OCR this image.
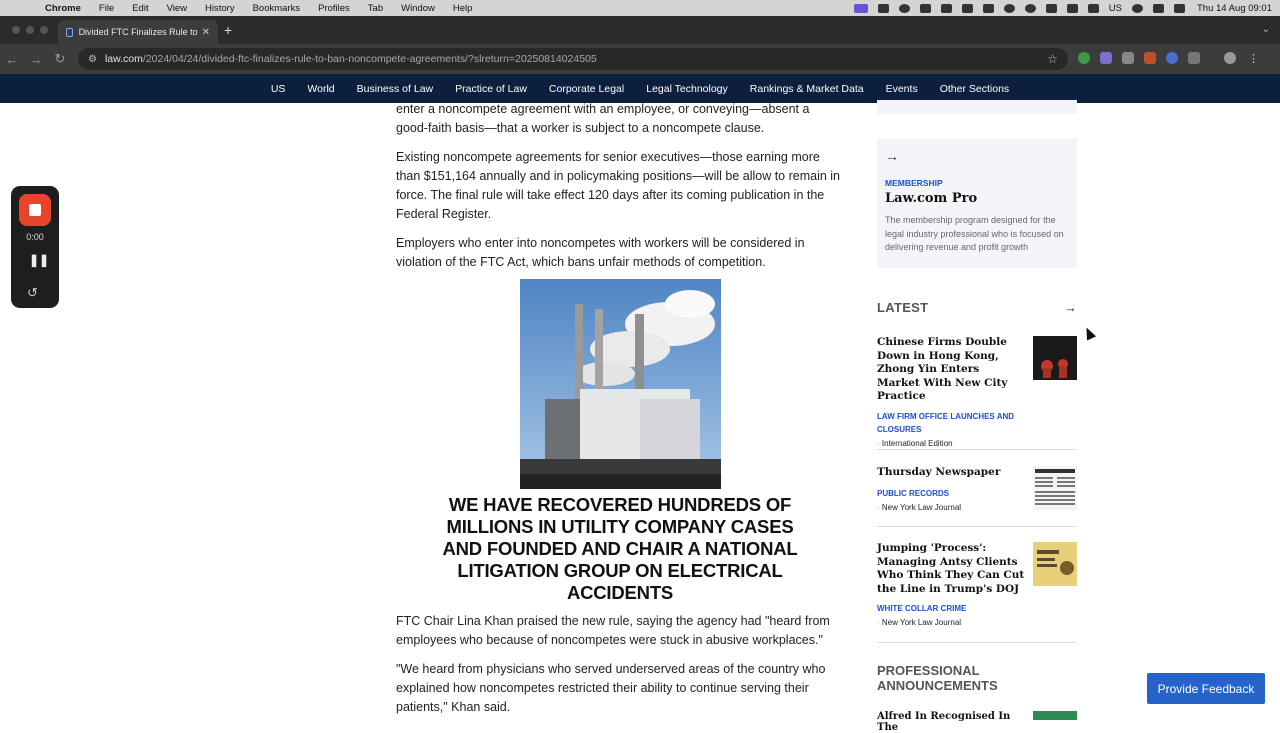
Chrome	File	Edit	View	History	Bookmarks	Profiles	Tab	Window	Help	US	Thu 14 Aug 09:01
Divided FTC Finalizes Rule to ✕ +	⌄
← → ↻	⚙ law.com/2024/04/24/divided-ftc-finalizes-rule-to-ban-noncompete-agreements/?slreturn=20250814024505	☆	⋮
US	World	Business of Law	Practice of Law	Corporate Legal	Legal Technology	Rankings & Market Data	Events	Other Sections
0:00
❚❚
↺

enter a noncompete agreement with an employee, or conveying—absent a good-faith basis—that a worker is subject to a noncompete clause.

Existing noncompete agreements for senior executives—those earning more than $151,164 annually and in policymaking positions—will be allow to remain in force. The final rule will take effect 120 days after its coming publication in the Federal Register.

Employers who enter into noncompetes with workers will be considered in violation of the FTC Act, which bans unfair methods of competition.

WE HAVE RECOVERED HUNDREDS OF MILLIONS IN UTILITY COMPANY CASES AND FOUNDED AND CHAIR A NATIONAL LITIGATION GROUP ON ELECTRICAL ACCIDENTS

FTC Chair Lina Khan praised the new rule, saying the agency had "heard from employees who because of noncompetes were stuck in abusive workplaces."

"We heard from physicians who served underserved areas of the country who explained how noncompetes restricted their ability to continue serving their patients," Khan said.

→
MEMBERSHIP
Law.com Pro
The membership program designed for the legal industry professional who is focused on delivering revenue and profit growth
LATEST	→
Chinese Firms Double Down in Hong Kong, Zhong Yin Enters Market With New City Practice
LAW FIRM OFFICE LAUNCHES AND CLOSURES
· International Edition
Thursday Newspaper
PUBLIC RECORDS
· New York Law Journal
Jumping 'Process': Managing Antsy Clients Who Think They Can Cut the Line in Trump's DOJ
WHITE COLLAR CRIME
· New York Law Journal
PROFESSIONAL ANNOUNCEMENTS
Alfred In Recognised In The
Provide Feedback
